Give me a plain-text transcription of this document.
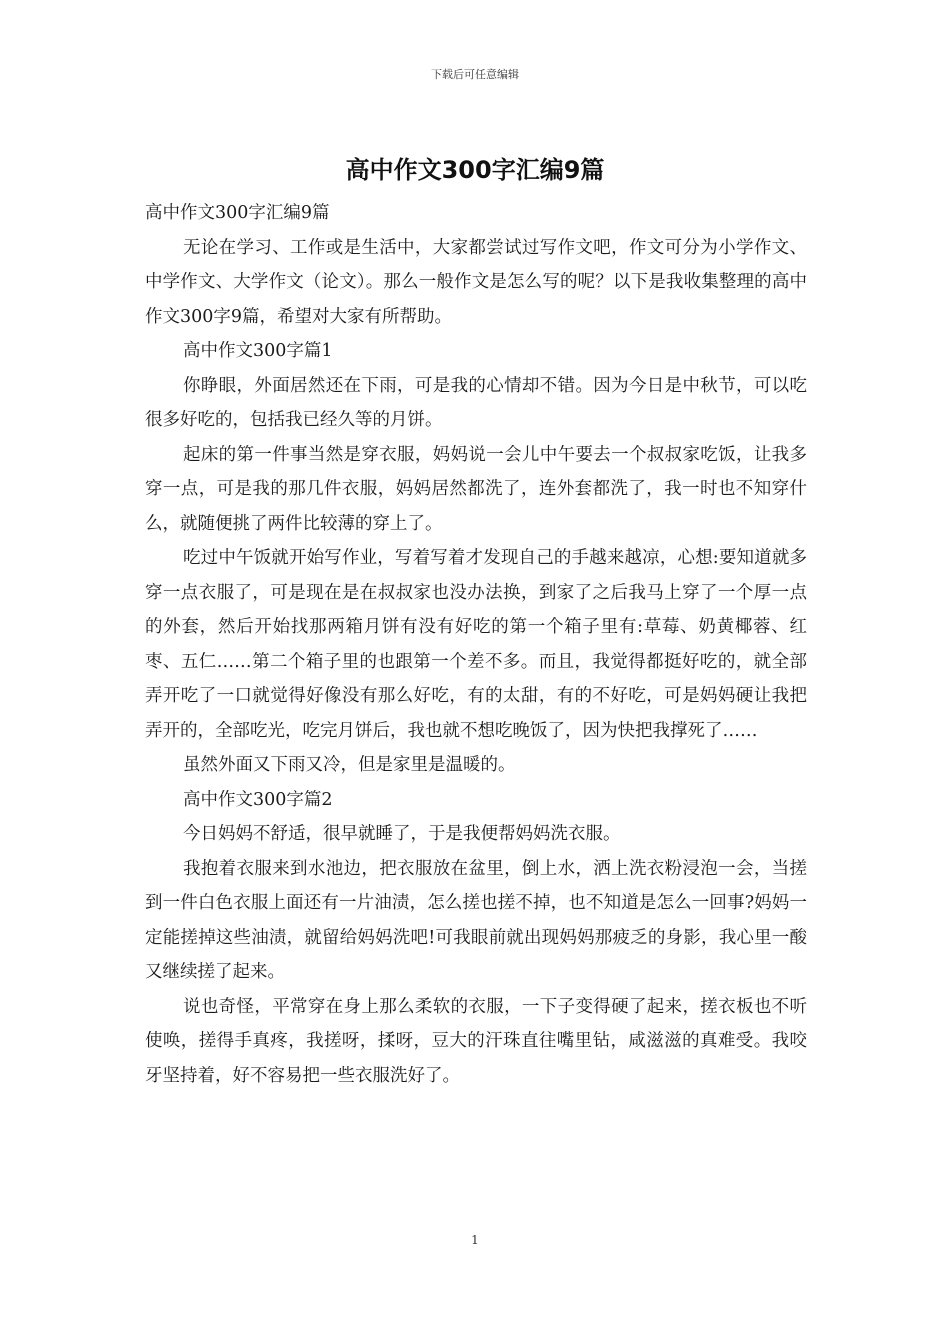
下载后可任意编辑
高中作文300字汇编9篇

高中作文300字汇编9篇

无论在学习、工作或是生活中，大家都尝试过写作文吧，作文可分为小学作文、中学作文、大学作文（论文）。那么一般作文是怎么写的呢？以下是我收集整理的高中作文300字9篇，希望对大家有所帮助。

高中作文300字篇1

你睁眼，外面居然还在下雨，可是我的心情却不错。因为今日是中秋节，可以吃很多好吃的，包括我已经久等的月饼。

起床的第一件事当然是穿衣服，妈妈说一会儿中午要去一个叔叔家吃饭，让我多穿一点，可是我的那几件衣服，妈妈居然都洗了，连外套都洗了，我一时也不知穿什么，就随便挑了两件比较薄的穿上了。

吃过中午饭就开始写作业，写着写着才发现自己的手越来越凉，心想:要知道就多穿一点衣服了，可是现在是在叔叔家也没办法换，到家了之后我马上穿了一个厚一点的外套，然后开始找那两箱月饼有没有好吃的第一个箱子里有:草莓、奶黄椰蓉、红枣、五仁……第二个箱子里的也跟第一个差不多。而且，我觉得都挺好吃的，就全部弄开吃了一口就觉得好像没有那么好吃，有的太甜，有的不好吃，可是妈妈硬让我把弄开的，全部吃光，吃完月饼后，我也就不想吃晚饭了，因为快把我撑死了……

虽然外面又下雨又冷，但是家里是温暖的。

高中作文300字篇2

今日妈妈不舒适，很早就睡了，于是我便帮妈妈洗衣服。

我抱着衣服来到水池边，把衣服放在盆里，倒上水，洒上洗衣粉浸泡一会，当搓到一件白色衣服上面还有一片油渍，怎么搓也搓不掉，也不知道是怎么一回事?妈妈一定能搓掉这些油渍，就留给妈妈洗吧!可我眼前就出现妈妈那疲乏的身影，我心里一酸又继续搓了起来。

说也奇怪，平常穿在身上那么柔软的衣服，一下子变得硬了起来，搓衣板也不听使唤，搓得手真疼，我搓呀，揉呀，豆大的汗珠直往嘴里钻，咸滋滋的真难受。我咬牙坚持着，好不容易把一些衣服洗好了。

1
